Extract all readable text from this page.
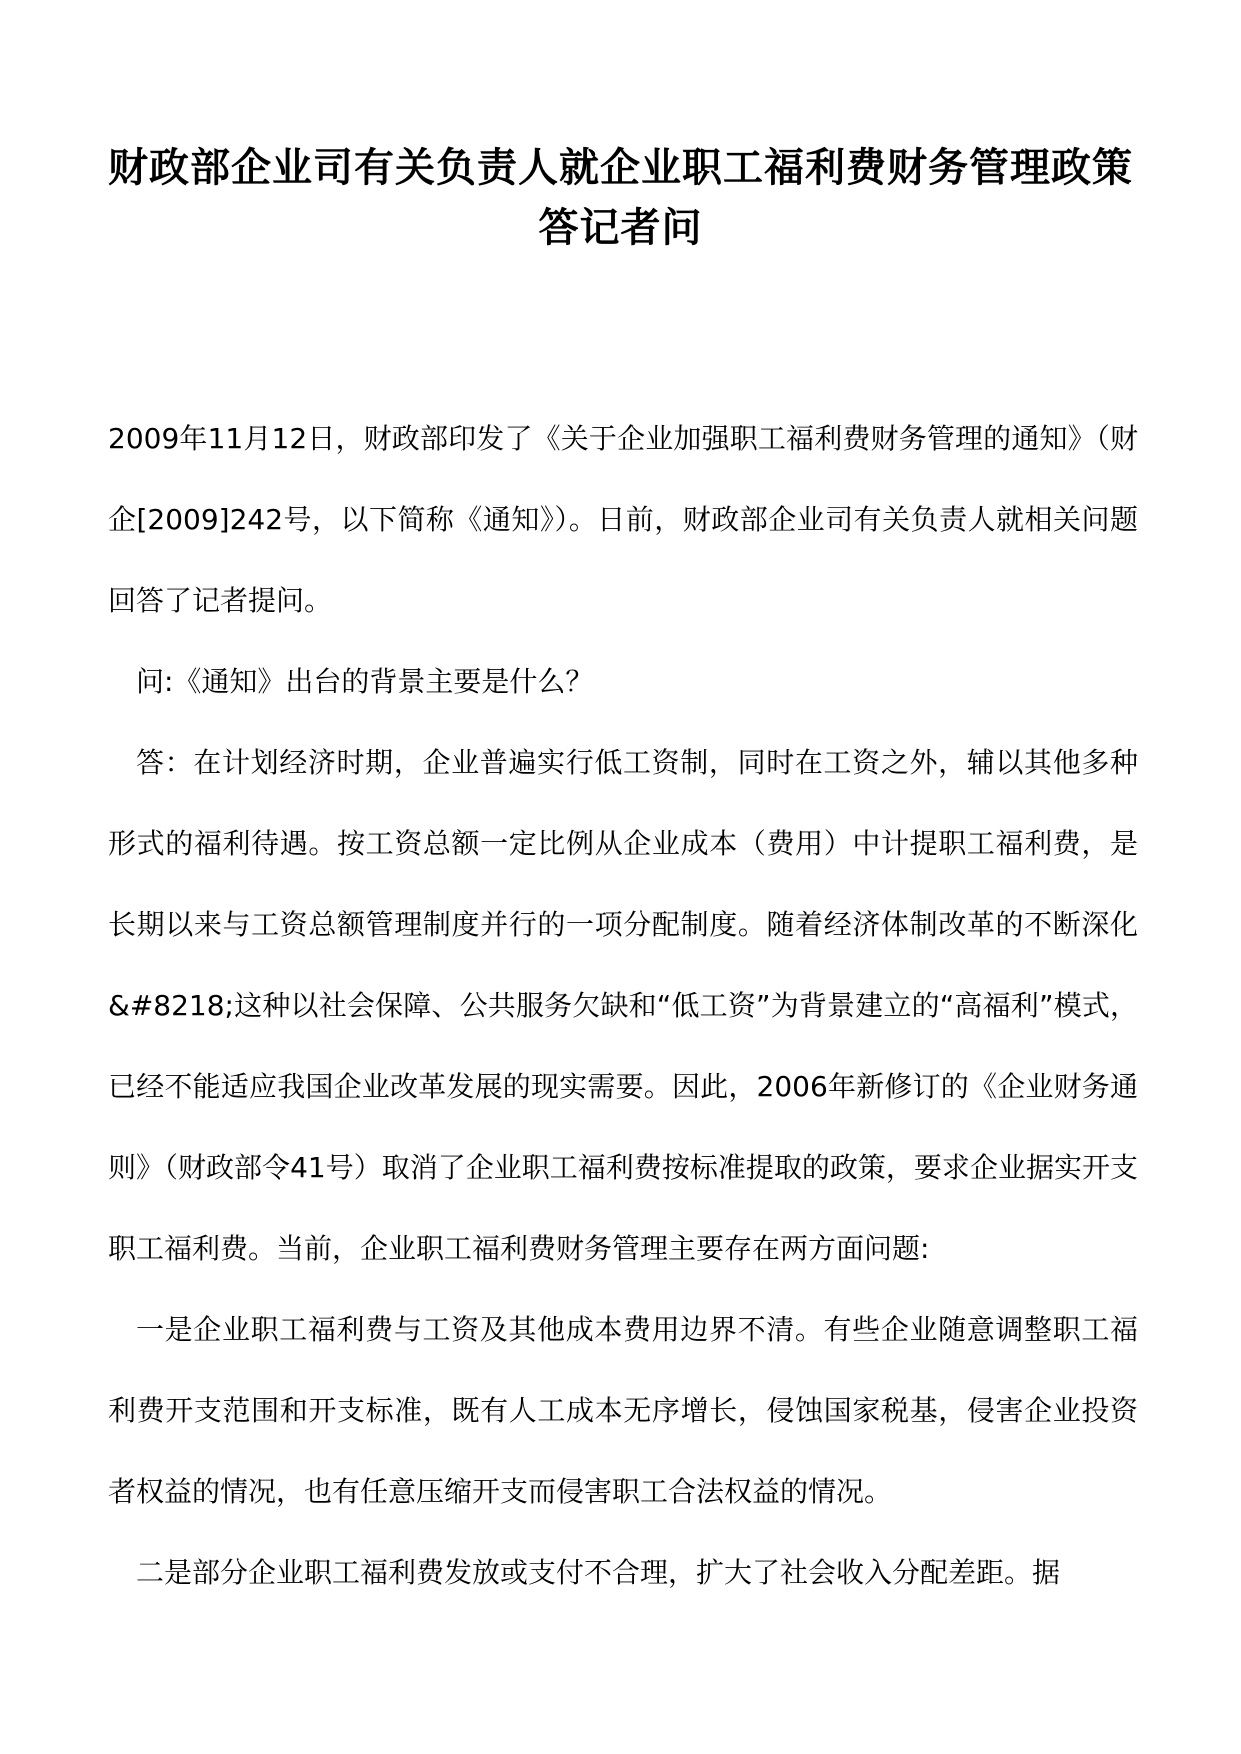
财政部企业司有关负责人就企业职工福利费财务管理政策答记者问

2009年11月12日，财政部印发了《关于企业加强职工福利费财务管理的通知》（财企[2009]242号，以下简称《通知》）。日前，财政部企业司有关负责人就相关问题回答了记者提问。

问:《通知》出台的背景主要是什么？

答：在计划经济时期，企业普遍实行低工资制，同时在工资之外，辅以其他多种形式的福利待遇。按工资总额一定比例从企业成本（费用）中计提职工福利费，是长期以来与工资总额管理制度并行的一项分配制度。随着经济体制改革的不断深化&#8218;这种以社会保障、公共服务欠缺和“低工资”为背景建立的“高福利”模式，已经不能适应我国企业改革发展的现实需要。因此，2006年新修订的《企业财务通则》（财政部令41号）取消了企业职工福利费按标准提取的政策，要求企业据实开支职工福利费。当前，企业职工福利费财务管理主要存在两方面问题:

一是企业职工福利费与工资及其他成本费用边界不清。有些企业随意调整职工福利费开支范围和开支标准，既有人工成本无序增长，侵蚀国家税基，侵害企业投资者权益的情况，也有任意压缩开支而侵害职工合法权益的情况。

二是部分企业职工福利费发放或支付不合理，扩大了社会收入分配差距。据
